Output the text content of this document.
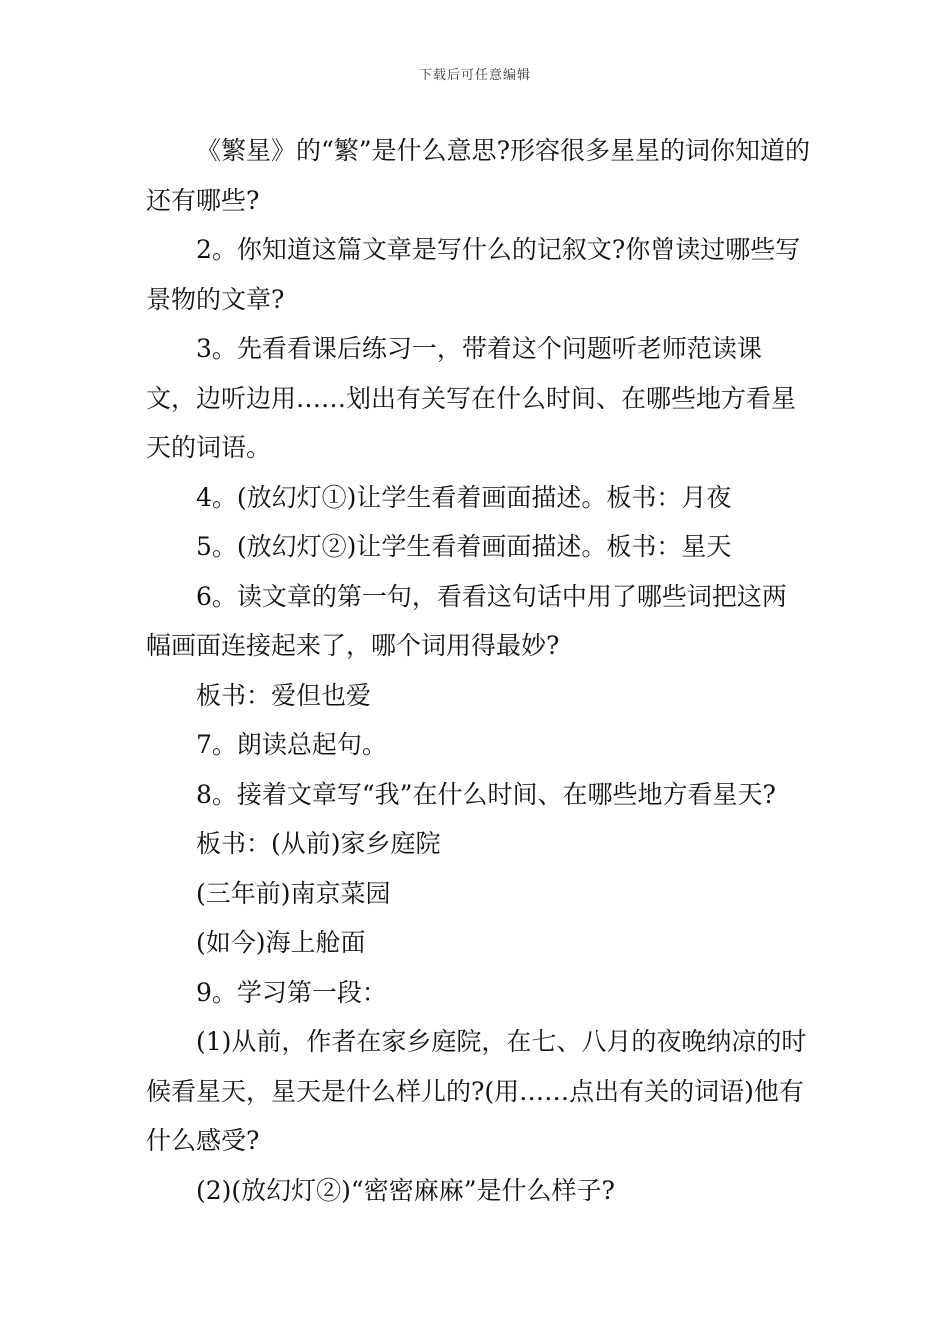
下载后可任意编辑

《繁星》的“繁”是什么意思?形容很多星星的词你知道的还有哪些?

2。你知道这篇文章是写什么的记叙文?你曾读过哪些写景物的文章?

3。先看看课后练习一，带着这个问题听老师范读课文，边听边用……划出有关写在什么时间、在哪些地方看星天的词语。

4。(放幻灯①)让学生看着画面描述。板书：月夜

5。(放幻灯②)让学生看着画面描述。板书：星天

6。读文章的第一句，看看这句话中用了哪些词把这两幅画面连接起来了，哪个词用得最妙?

板书：爱但也爱

7。朗读总起句。

8。接着文章写“我”在什么时间、在哪些地方看星天?

板书：(从前)家乡庭院

(三年前)南京菜园

(如今)海上舱面

9。学习第一段：

(1)从前，作者在家乡庭院，在七、八月的夜晚纳凉的时候看星天，星天是什么样儿的?(用……点出有关的词语)他有什么感受?

(2)(放幻灯②)“密密麻麻”是什么样子?
